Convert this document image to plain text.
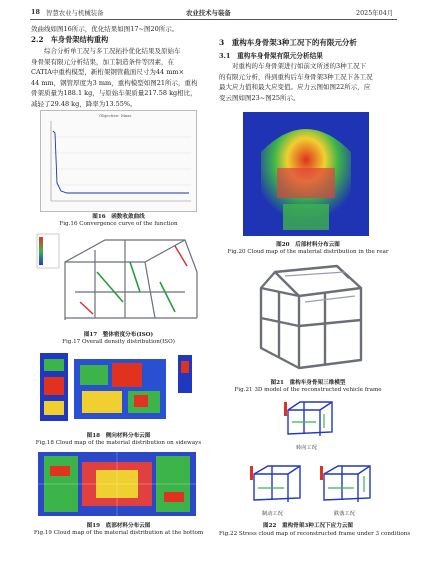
18 智慧农业与机械装备	农业技术与装备	2025年04月
敛曲线如图16所示，优化结果如图17~图20所示。
2.2　车身骨架结构重构
综合分析单工况与多工况拓扑优化结果及原始车
身骨架有限元分析结果，加工制造条件等因素，在
CATIA中重构模型，新桁架钢管截面尺寸为44 mm×
44 mm，钢管厚度为3 mm，重构模型如图21所示，重构
骨架质量为188.1 kg，与原始车架质量217.58 kg相比，
减轻了29.48 kg，降率为13.55%。
Objective: Mass
图16　函数收敛曲线
Fig.16 Convergence curve of the function
图17　整体密度分布(ISO)
Fig.17 Overall density distribution(ISO)
图18　侧向材料分布云图
Fig.18 Cloud map of the material distribution on sideways
图19　底部材料分布云图
Fig.19 Cloud map of the material distribution at the bottom
3　重构车身骨架3种工况下的有限元分析
3.1　重构车身骨架有限元分析结果
对重构的车身骨架进行如前文所述的3种工况下
的有限元分析，得到重构后车身骨架3种工况下各工况
最大应力值和最大应变值。应力云图如图22所示，应
变云图如图23~图25所示。
图20　后部材料分布云图
Fig.20 Cloud map of the material distribution in the rear
图21　重构车身骨架三维模型
Fig.21 3D model of the reconstructed vehicle frame
转向工况
制动工况	跌落工况
图22　重构骨架3种工况下应力云图
Fig.22 Stress cloud map of reconstructed frame under 3 conditions
